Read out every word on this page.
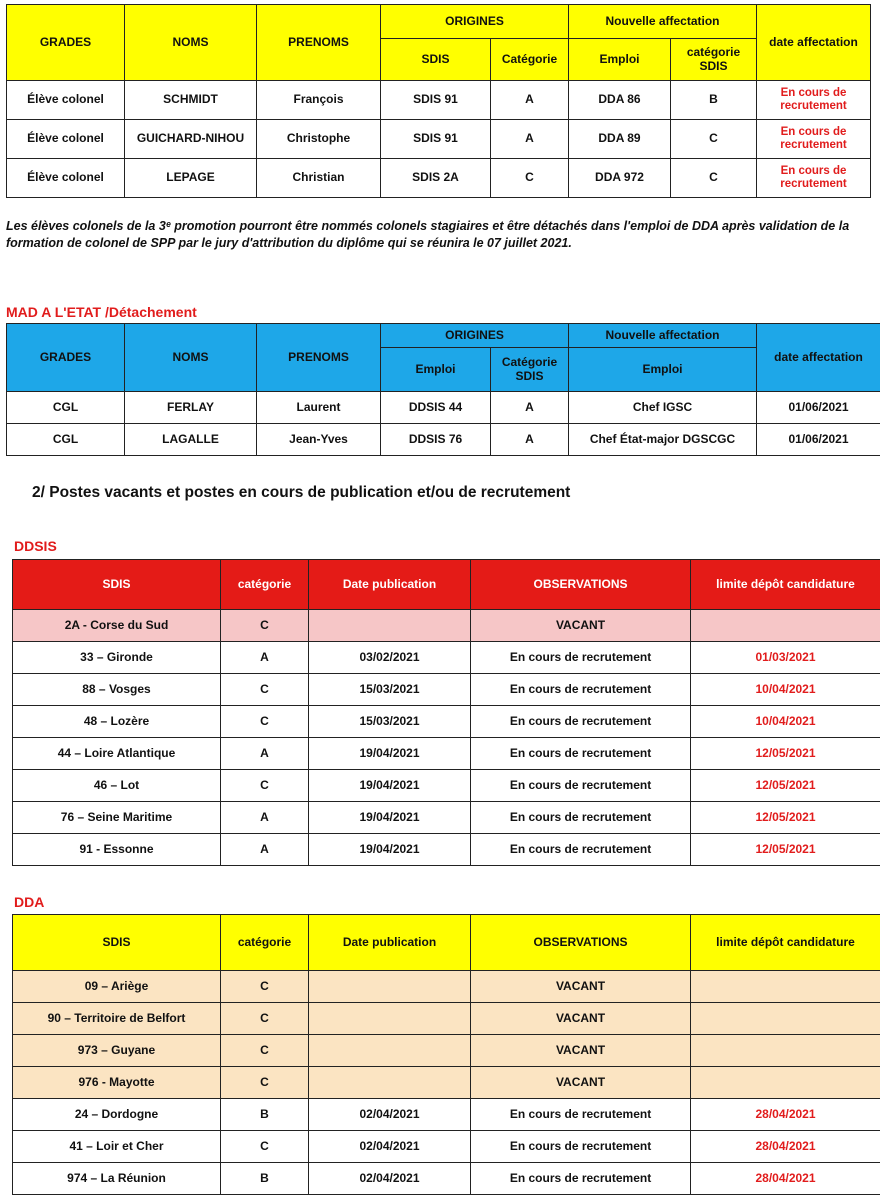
GRADES	NOMS	PRENOMS	ORIGINES		Nouvelle affectation		date affectation
			SDIS	Catégorie	Emploi	catégorie SDIS	
Élève colonel	SCHMIDT	François	SDIS 91	A	DDA 86	B	En cours de recrutement
Élève colonel	GUICHARD-NIHOU	Christophe	SDIS 91	A	DDA 89	C	En cours de recrutement
Élève colonel	LEPAGE	Christian	SDIS 2A	C	DDA 972	C	En cours de recrutement

Les élèves colonels de la 3ᵉ promotion pourront être nommés colonels stagiaires et être détachés dans l'emploi de DDA après validation de la formation de colonel de SPP par le jury d'attribution du diplôme qui se réunira le 07 juillet 2021.

MAD A L'ETAT /Détachement

GRADES	NOMS	PRENOMS	ORIGINES		Nouvelle affectation	date affectation
			Emploi	Catégorie SDIS	Emploi	
CGL	FERLAY	Laurent	DDSIS 44	A	Chef IGSC	01/06/2021
CGL	LAGALLE	Jean-Yves	DDSIS 76	A	Chef État-major DGSCGC	01/06/2021

2/ Postes vacants et postes en cours de publication et/ou de recrutement

DDSIS

SDIS	catégorie	Date publication	OBSERVATIONS	limite dépôt candidature
2A - Corse du Sud	C		VACANT	
33 – Gironde	A	03/02/2021	En cours de recrutement	01/03/2021
88 – Vosges	C	15/03/2021	En cours de recrutement	10/04/2021
48 – Lozère	C	15/03/2021	En cours de recrutement	10/04/2021
44 – Loire Atlantique	A	19/04/2021	En cours de recrutement	12/05/2021
46 – Lot	C	19/04/2021	En cours de recrutement	12/05/2021
76 – Seine Maritime	A	19/04/2021	En cours de recrutement	12/05/2021
91 - Essonne	A	19/04/2021	En cours de recrutement	12/05/2021

DDA

SDIS	catégorie	Date publication	OBSERVATIONS	limite dépôt candidature
09 – Ariège	C		VACANT	
90 – Territoire de Belfort	C		VACANT	
973 – Guyane	C		VACANT	
976 - Mayotte	C		VACANT	
24 – Dordogne	B	02/04/2021	En cours de recrutement	28/04/2021
41 – Loir et Cher	C	02/04/2021	En cours de recrutement	28/04/2021
974 – La Réunion	B	02/04/2021	En cours de recrutement	28/04/2021
